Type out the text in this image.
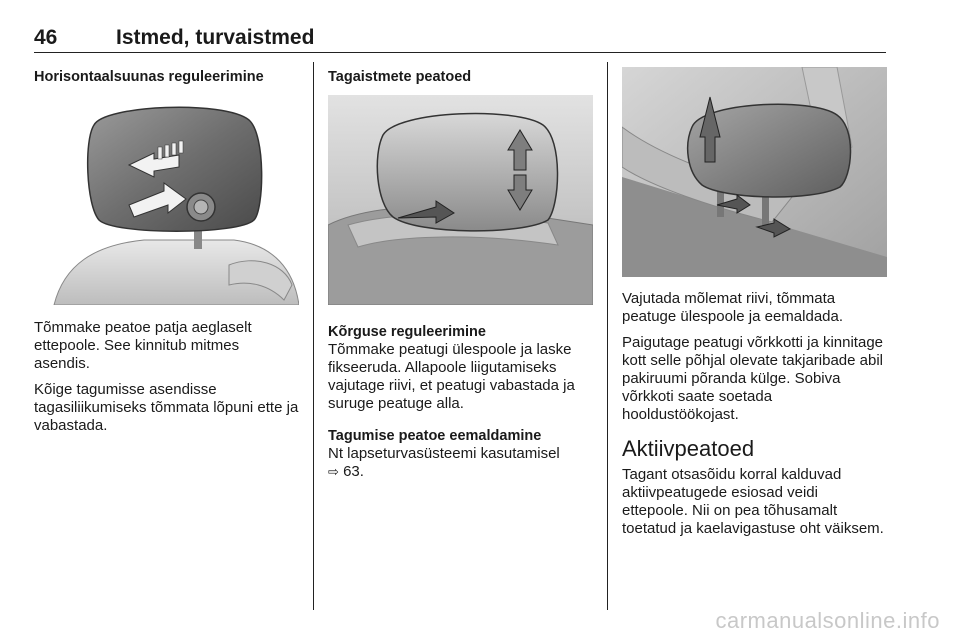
46	Istmed, turvaistmed

Horisontaalsuunas reguleerimine

Tõmmake peatoe patja aeglaselt ettepoole. See kinnitub mitmes asendis.

Kõige tagumisse asendisse tagasiliikumiseks tõmmata lõpuni ette ja vabastada.

Tagaistmete peatoed

Kõrguse reguleerimine

Tõmmake peatugi ülespoole ja laske fikseeruda. Allapoole liigutamiseks vajutage riivi, et peatugi vabastada ja suruge peatuge alla.

Tagumise peatoe eemaldamine

Nt lapseturvasüsteemi kasutamisel
⇨ 63.

Vajutada mõlemat riivi, tõmmata peatuge ülespoole ja eemaldada.

Paigutage peatugi võrkkotti ja kinnitage kott selle põhjal olevate takjaribade abil pakiruumi põranda külge. Sobiva võrkkoti saate soetada hooldustöökojast.

Aktiivpeatoed

Tagant otsasõidu korral kalduvad aktiivpeatugede esiosad veidi ettepoole. Nii on pea tõhusamalt toetatud ja kaelavigastuse oht väiksem.

carmanualsonline.info
